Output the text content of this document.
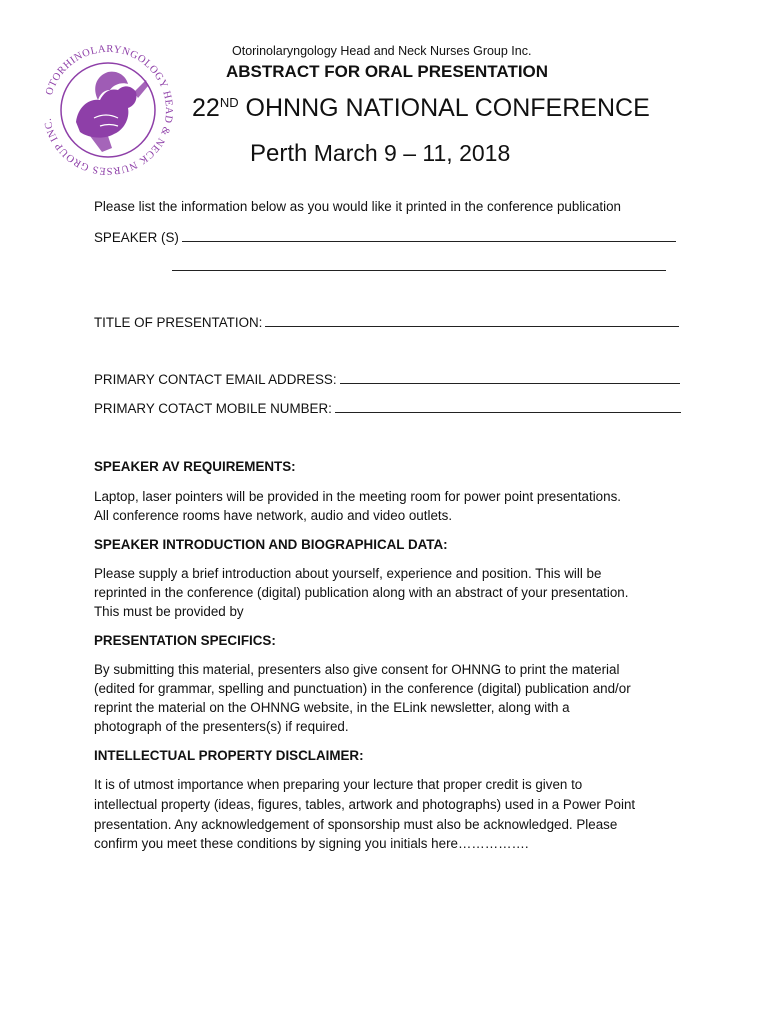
OTORHINOLARYNGOLOGY HEAD & NECK NURSES GROUP INC.
Otorinolaryngology Head and Neck Nurses Group Inc.
ABSTRACT FOR ORAL PRESENTATION
22ND OHNNG NATIONAL CONFERENCE
Perth March 9 – 11, 2018
Please list the information below as you would like it printed in the conference publication
SPEAKER (S)
TITLE OF PRESENTATION:
PRIMARY CONTACT EMAIL ADDRESS:
PRIMARY COTACT MOBILE NUMBER:
SPEAKER AV REQUIREMENTS:
Laptop, laser pointers will be provided in the meeting room for power point presentations.
All conference rooms have network, audio and video outlets.
SPEAKER INTRODUCTION AND BIOGRAPHICAL DATA:
Please supply a brief introduction about yourself, experience and position. This will be
reprinted in the conference (digital) publication along with an abstract of your presentation.
This must be provided by
PRESENTATION SPECIFICS:
By submitting this material, presenters also give consent for OHNNG to print the material
(edited for grammar, spelling and punctuation) in the conference (digital) publication and/or
reprint the material on the OHNNG website, in the ELink newsletter, along with a
photograph of the presenters(s) if required.
INTELLECTUAL PROPERTY DISCLAIMER:
It is of utmost importance when preparing your lecture that proper credit is given to
intellectual property (ideas, figures, tables, artwork and photographs) used in a Power Point
presentation. Any acknowledgement of sponsorship must also be acknowledged. Please
confirm you meet these conditions by signing you initials here…………….
